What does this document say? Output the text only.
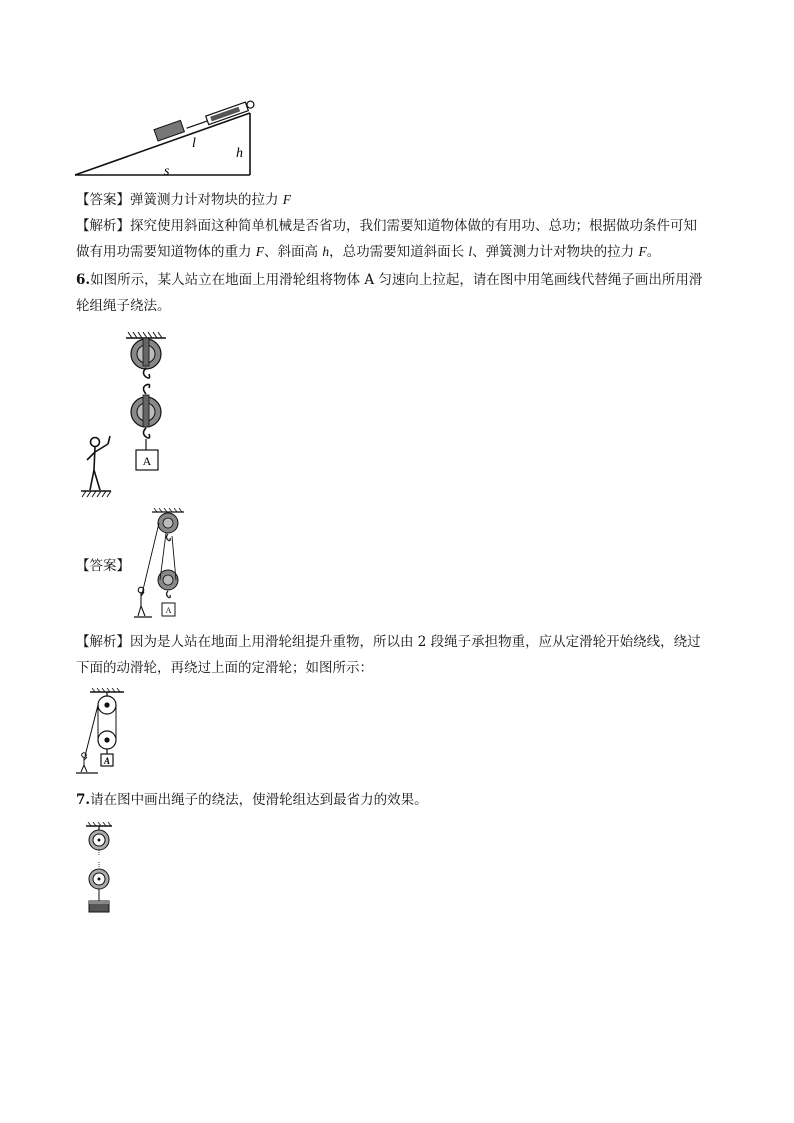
l
h
s
【答案】弹簧测力计对物块的拉力 F
【解析】探究使用斜面这种简单机械是否省功，我们需要知道物体做的有用功、总功；根据做功条件可知
做有用功需要知道物体的重力 F、斜面高 h，总功需要知道斜面长 l、弹簧测力计对物块的拉力 F。
6.如图所示，某人站立在地面上用滑轮组将物体 A 匀速向上拉起，请在图中用笔画线代替绳子画出所用滑
轮组绳子绕法。
A
【答案】
A
【解析】因为是人站在地面上用滑轮组提升重物，所以由 2 段绳子承担物重，应从定滑轮开始绕线，绕过
下面的动滑轮，再绕过上面的定滑轮；如图所示：
A
7.请在图中画出绳子的绕法，使滑轮组达到最省力的效果。
